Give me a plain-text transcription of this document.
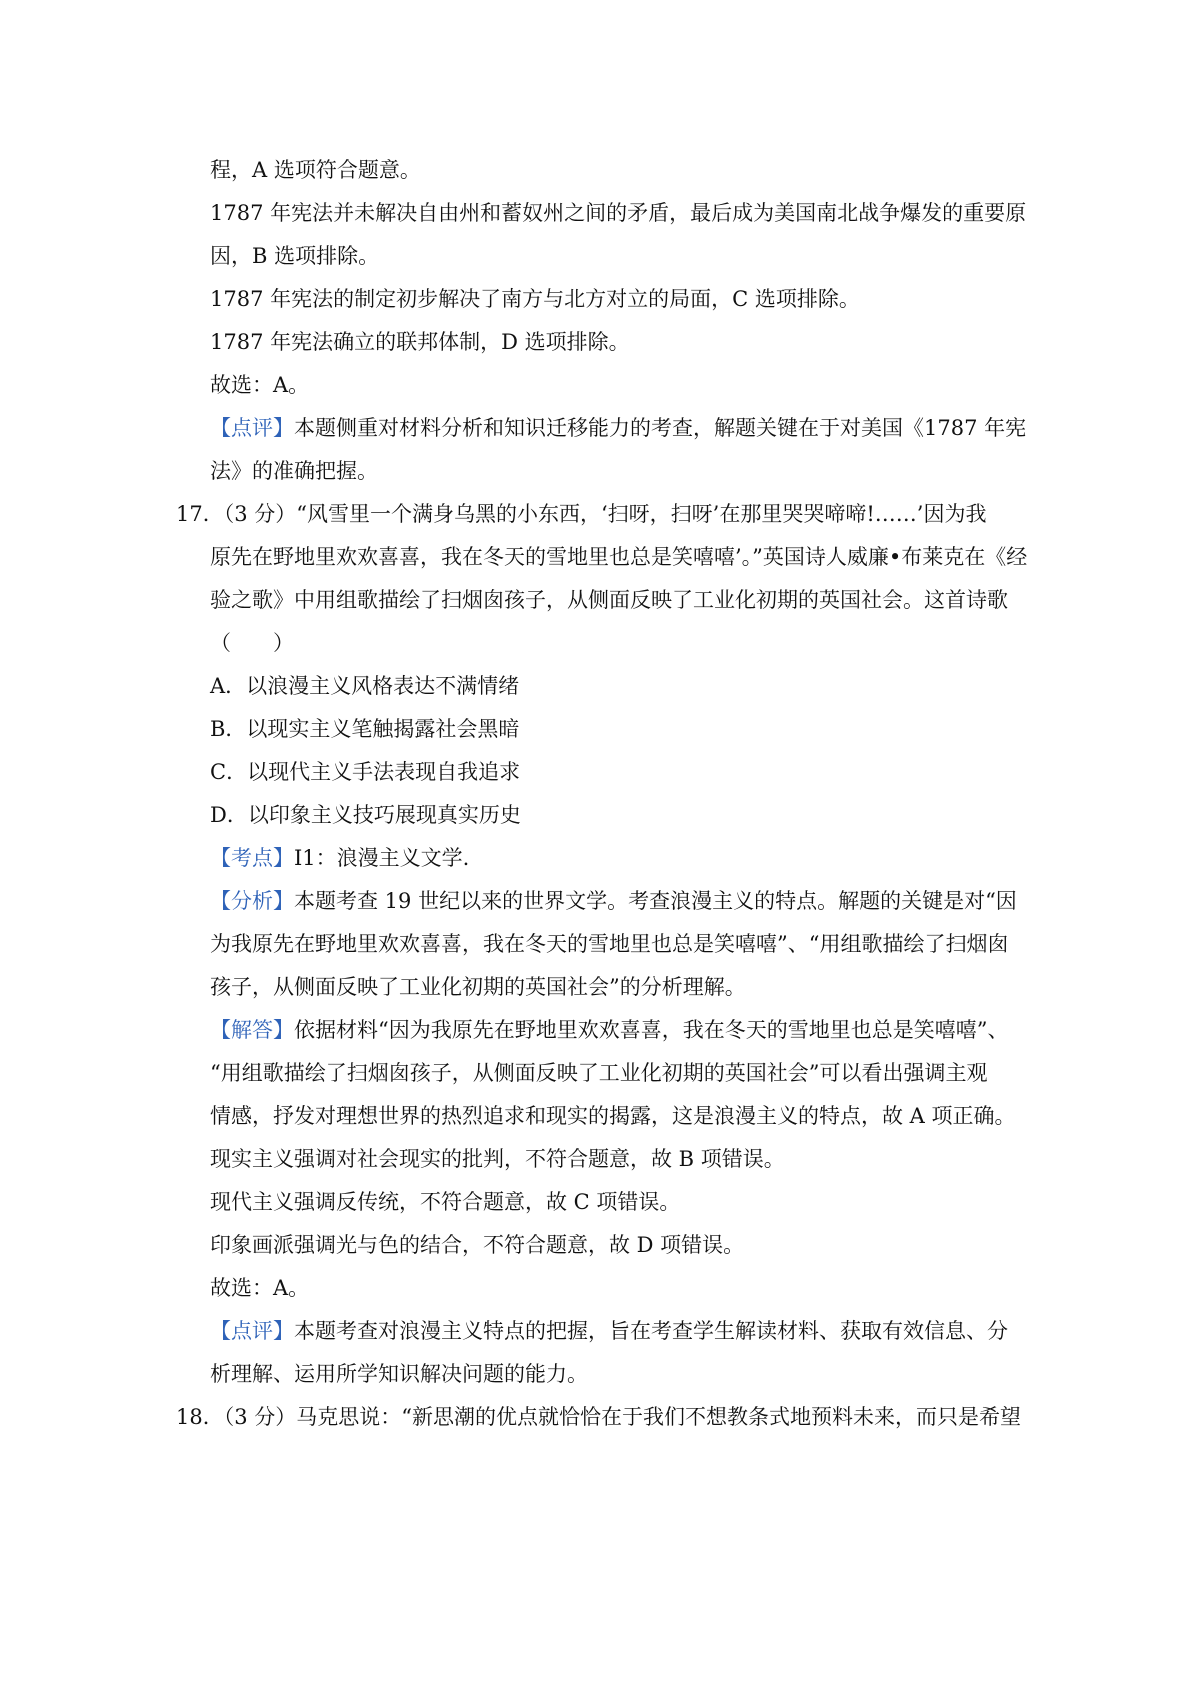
程，A 选项符合题意。
1787 年宪法并未解决自由州和蓄奴州之间的矛盾，最后成为美国南北战争爆发的重要原
因，B 选项排除。
1787 年宪法的制定初步解决了南方与北方对立的局面，C 选项排除。
1787 年宪法确立的联邦体制，D 选项排除。
故选：A。
【点评】本题侧重对材料分析和知识迁移能力的考查，解题关键在于对美国《1787 年宪
法》的准确把握。
17．（3 分）“风雪里一个满身乌黑的小东西，‘扫呀，扫呀’在那里哭哭啼啼!……’因为我
原先在野地里欢欢喜喜，我在冬天的雪地里也总是笑嘻嘻’。”英国诗人威廉•布莱克在《经
验之歌》中用组歌描绘了扫烟囱孩子，从侧面反映了工业化初期的英国社会。这首诗歌
（　　）
A．以浪漫主义风格表达不满情绪
B．以现实主义笔触揭露社会黑暗
C．以现代主义手法表现自我追求
D．以印象主义技巧展现真实历史
【考点】I1：浪漫主义文学.
【分析】本题考查 19 世纪以来的世界文学。考查浪漫主义的特点。解题的关键是对“因
为我原先在野地里欢欢喜喜，我在冬天的雪地里也总是笑嘻嘻”、“用组歌描绘了扫烟囱
孩子，从侧面反映了工业化初期的英国社会”的分析理解。
【解答】依据材料“因为我原先在野地里欢欢喜喜，我在冬天的雪地里也总是笑嘻嘻”、
“用组歌描绘了扫烟囱孩子，从侧面反映了工业化初期的英国社会”可以看出强调主观
情感，抒发对理想世界的热烈追求和现实的揭露，这是浪漫主义的特点，故 A 项正确。
现实主义强调对社会现实的批判，不符合题意，故 B 项错误。
现代主义强调反传统，不符合题意，故 C 项错误。
印象画派强调光与色的结合，不符合题意，故 D 项错误。
故选：A。
【点评】本题考查对浪漫主义特点的把握，旨在考查学生解读材料、获取有效信息、分
析理解、运用所学知识解决问题的能力。
18．（3 分）马克思说：“新思潮的优点就恰恰在于我们不想教条式地预料未来，而只是希望
